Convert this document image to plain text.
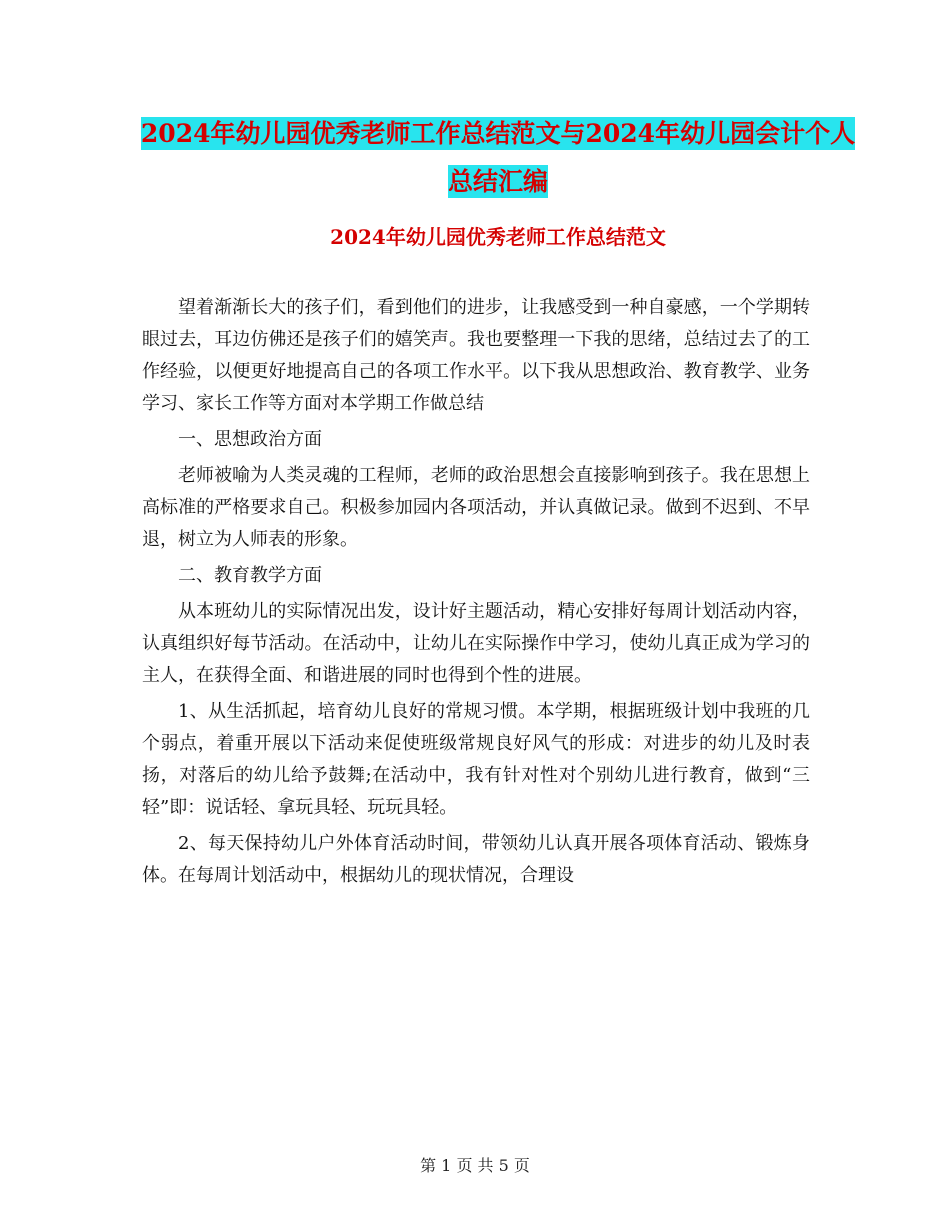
2024年幼儿园优秀老师工作总结范文与2024年幼儿园会计个人总结汇编
2024年幼儿园优秀老师工作总结范文

望着渐渐长大的孩子们，看到他们的进步，让我感受到一种自豪感，一个学期转眼过去，耳边仿佛还是孩子们的嬉笑声。我也要整理一下我的思绪，总结过去了的工作经验，以便更好地提高自己的各项工作水平。以下我从思想政治、教育教学、业务学习、家长工作等方面对本学期工作做总结

一、思想政治方面

老师被喻为人类灵魂的工程师，老师的政治思想会直接影响到孩子。我在思想上高标准的严格要求自己。积极参加园内各项活动，并认真做记录。做到不迟到、不早退，树立为人师表的形象。

二、教育教学方面

从本班幼儿的实际情况出发，设计好主题活动，精心安排好每周计划活动内容，认真组织好每节活动。在活动中，让幼儿在实际操作中学习，使幼儿真正成为学习的主人，在获得全面、和谐进展的同时也得到个性的进展。

1、从生活抓起，培育幼儿良好的常规习惯。本学期，根据班级计划中我班的几个弱点，着重开展以下活动来促使班级常规良好风气的形成：对进步的幼儿及时表扬，对落后的幼儿给予鼓舞;在活动中，我有针对性对个别幼儿进行教育，做到“三轻”即：说话轻、拿玩具轻、玩玩具轻。

2、每天保持幼儿户外体育活动时间，带领幼儿认真开展各项体育活动、锻炼身体。在每周计划活动中，根据幼儿的现状情况，合理设

第 1 页 共 5 页
